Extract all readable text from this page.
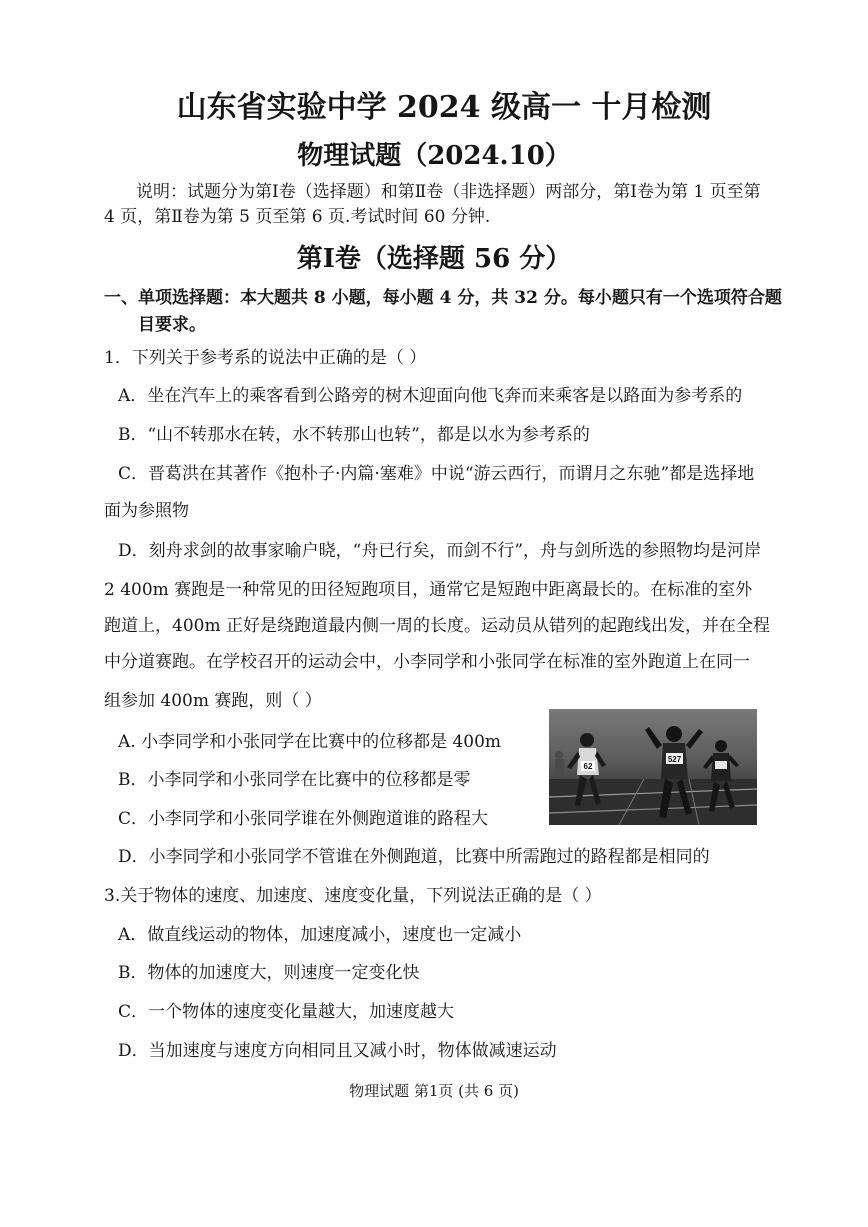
山东省实验中学 2024 级高一 十月检测
物理试题（2024.10）
说明：试题分为第Ⅰ卷（选择题）和第Ⅱ卷（非选择题）两部分，第Ⅰ卷为第 1 页至第
4 页，第Ⅱ卷为第 5 页至第 6 页.考试时间 60 分钟.
第Ⅰ卷（选择题 56 分）
一、单项选择题：本大题共 8 小题，每小题 4 分，共 32 分。每小题只有一个选项符合题
目要求。
1．下列关于参考系的说法中正确的是（ ）
A．坐在汽车上的乘客看到公路旁的树木迎面向他飞奔而来乘客是以路面为参考系的
B．“山不转那水在转，水不转那山也转”，都是以水为参考系的
C．晋葛洪在其著作《抱朴子·内篇·塞难》中说“游云西行，而谓月之东驰”都是选择地
面为参照物
D．刻舟求剑的故事家喻户晓，“舟已行矣，而剑不行”，舟与剑所选的参照物均是河岸
2 400m 赛跑是一种常见的田径短跑项目，通常它是短跑中距离最长的。在标准的室外
跑道上，400m 正好是绕跑道最内侧一周的长度。运动员从错列的起跑线出发，并在全程
中分道赛跑。在学校召开的运动会中，小李同学和小张同学在标准的室外跑道上在同一
组参加 400m 赛跑，则（ ）
A. 小李同学和小张同学在比赛中的位移都是 400m
B．小李同学和小张同学在比赛中的位移都是零
C．小李同学和小张同学谁在外侧跑道谁的路程大
D．小李同学和小张同学不管谁在外侧跑道，比赛中所需跑过的路程都是相同的
62
527
3.关于物体的速度、加速度、速度变化量，下列说法正确的是（ ）
A．做直线运动的物体，加速度减小，速度也一定减小
B．物体的加速度大，则速度一定变化快
C．一个物体的速度变化量越大，加速度越大
D．当加速度与速度方向相同且又减小时，物体做减速运动
物理试题 第1页 (共 6 页)
